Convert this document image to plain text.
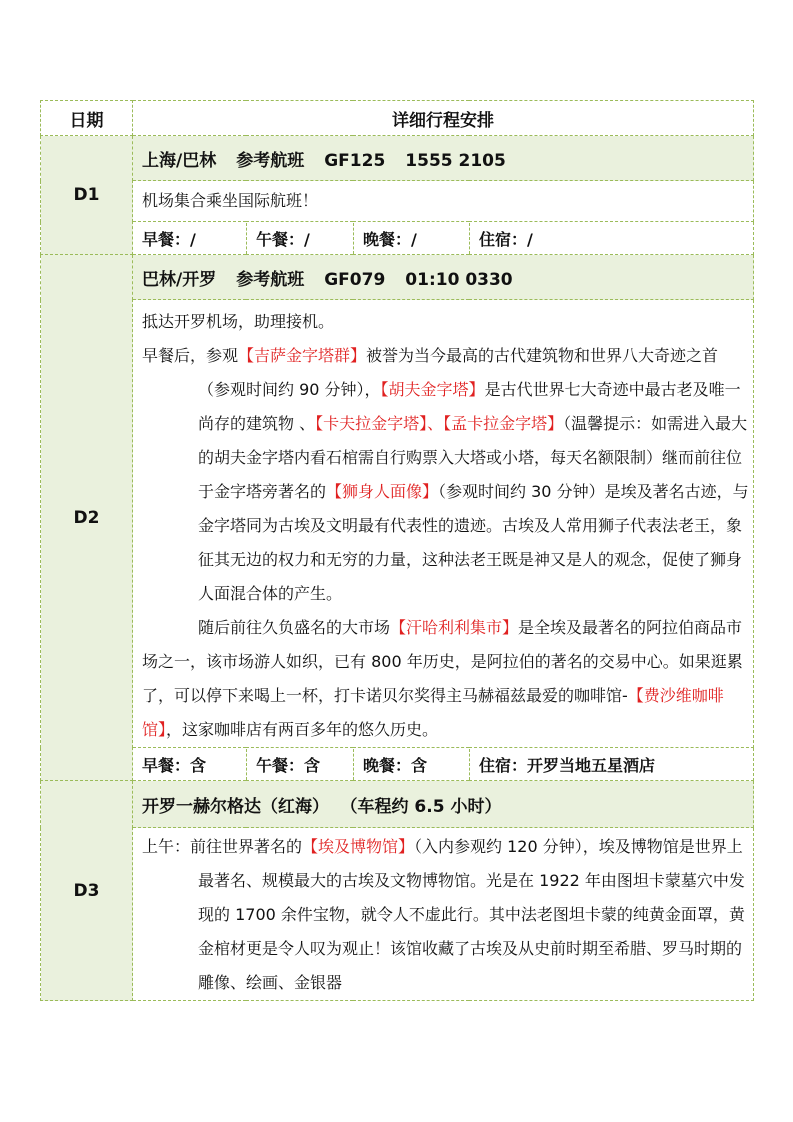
日期	详细行程安排
D1	上海/巴林 参考航班 GF125 1555 2105

机场集合乘坐国际航班！

早餐：/	午餐：/	晚餐：/	住宿：/

D2	巴林/开罗 参考航班 GF079 01:10 0330

抵达开罗机场，助理接机。

早餐后，参观【吉萨金字塔群】被誉为当今最高的古代建筑物和世界八大奇迹之首 （参观时间约 90 分钟），【胡夫金字塔】是古代世界七大奇迹中最古老及唯一尚存的建筑物 、【卡夫拉金字塔】、【孟卡拉金字塔】（温馨提示：如需进入最大的胡夫金字塔内看石棺需自行购票入大塔或小塔，每天名额限制）继而前往位于金字塔旁著名的【狮身人面像】（参观时间约 30 分钟）是埃及著名古迹，与金字塔同为古埃及文明最有代表性的遗迹。古埃及人常用狮子代表法老王，象征其无边的权力和无穷的力量，这种法老王既是神又是人的观念，促使了狮身人面混合体的产生。

随后前往久负盛名的大市场【汗哈利利集市】是全埃及最著名的阿拉伯商品市场之一，该市场游人如织，已有 800 年历史，是阿拉伯的著名的交易中心。如果逛累了，可以停下来喝上一杯，打卡诺贝尔奖得主马赫福兹最爱的咖啡馆-【费沙维咖啡馆】，这家咖啡店有两百多年的悠久历史。

早餐：含	午餐：含	晚餐：含	住宿：开罗当地五星酒店

D3	开罗一赫尔格达（红海） （车程约 6.5 小时）

上午：前往世界著名的【埃及博物馆】（入内参观约 120 分钟），埃及博物馆是世界上最著名、规模最大的古埃及文物博物馆。光是在 1922 年由图坦卡蒙墓穴中发现的 1700 余件宝物，就令人不虚此行。其中法老图坦卡蒙的纯黄金面罩，黄金棺材更是令人叹为观止！该馆收藏了古埃及从史前时期至希腊、罗马时期的雕像、绘画、金银器
